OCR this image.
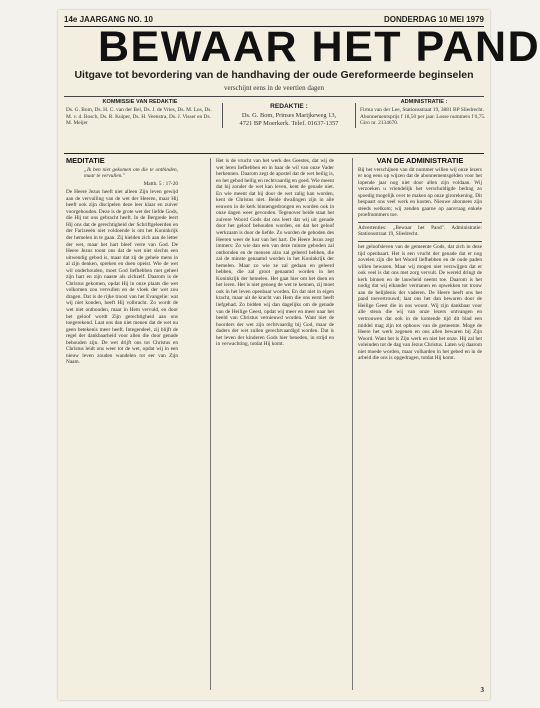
14e JAARGANG NO. 10	DONDERDAG 10 MEI 1979
BEWAAR HET PAND
Uitgave tot bevordering van de handhaving der oude Gereformeerde beginselen
verschijnt eens in de veertien dagen
KOMMISSIE VAN REDAKTIE
Ds. G. Bom, Ds. H. C. van der Bel, Ds. J. de Vries, Ds. M. Los, Ds. M. v. d. Bosch, Ds. R. Kuiper, Ds. H. Veenstra, Ds. J. Visser en Ds. M. Meijer
REDAKTIE :
Ds. G. Bom, Prinses Marijkeweg 13,
4721 BP Moerkerk. Telef. 01637-1357
ADMINISTRATIE :
Firma van der Lee, Stationsstraat 19, 3881 BP Sliedrecht. Abonnementsprijs f 18,50 per jaar. Losse nummers f 0,75. Giro nr. 2134670.
MEDITATIE
„Ik ben niet gekomen om die te ontbinden, maar te vervullen."
Matth. 5 : 17-20

De Heere Jezus heeft niet alleen Zijn leven gewijd aan de vervulling van de wet der Heeren, maar Hij heeft ook zijn discipelen deze leer klaar en zuiver voorgehouden. Deze is de grote wet der liefde Gods, die Hij tot ons gebracht heeft. In de Bergrede leert Hij ons dat de gerechtigheid der Schriftgeleerden en der Farizeeën niet voldoende is om het Koninkrijk der hemelen in te gaan. Zij hielden zich aan de letter der wet, maar het hart bleef verre van God. De Heere Jezus toont ons dat de wet niet slechts een uitwendig gebod is, maar dat zij de gehele mens in al zijn denken, spreken en doen opeist. Wie de wet wil onderhouden, moet God liefhebben met geheel zijn hart en zijn naaste als zichzelf. Daarom is de Christus gekomen, opdat Hij in onze plaats die wet volkomen zou vervullen en de vloek der wet zou dragen. Dat is de rijke troost van het Evangelie: wat wij niet konden, heeft Hij volbracht. Zo wordt de wet niet ontbonden, maar in Hem vervuld, en door het geloof wordt Zijn gerechtigheid aan ons toegerekend. Laat ons dan niet menen dat de wet nu geen betekenis meer heeft. Integendeel, zij blijft de regel der dankbaarheid voor allen die door genade behouden zijn. De wet drijft ons tot Christus en Christus leidt ons weer tot de wet, opdat wij in een nieuw leven zouden wandelen tot eer van Zijn Naam.

Het is de vrucht van het werk des Geestes, dat wij de wet leren liefhebben en in haar de wil van onze Vader herkennen. Daarom zegt de apostel dat de wet heilig is, en het gebod heilig en rechtvaardig en goed. Wie meent dat hij zonder de wet kan leven, kent de genade niet. En wie meent dat hij door de wet zalig kan worden, kent de Christus niet. Beide dwalingen zijn in alle eeuwen in de kerk binnengedrongen en worden ook in onze dagen weer gevonden. Tegenover beide staat het zuivere Woord Gods dat ons leert dat wij uit genade door het geloof behouden worden, en dat het geloof werkzaam is door de liefde. Zo worden de geboden des Heeren weer de lust van het hart. De Heere Jezus zegt immers: Zo wie dan een van deze minste geboden zal ontbonden en de mensen alzo zal geleerd hebben, die zal de minste genaamd worden in het Koninkrijk der hemelen. Maar zo wie ze zal gedaan en geleerd hebben, die zal groot genaamd worden in het Koninkrijk der hemelen. Het gaat hier om het doen en het leren. Het is niet genoeg de wet te kennen, zij moet ook in het leven openbaar worden. En dat niet in eigen kracht, maar uit de kracht van Hem die ons eerst heeft liefgehad. Zo bidden wij dan dagelijks om de genade van de Heilige Geest, opdat wij meer en meer naar het beeld van Christus vernieuwd worden. Want niet de hoorders der wet zijn rechtvaardig bij God, maar de daders der wet zullen gerechtvaardigd worden. Dat is het leven der kinderen Gods hier beneden, in strijd en in verwachting, totdat Hij komt.

VAN DE ADMINISTRATIE

Bij het verschijnen van dit nummer willen wij onze lezers er nog eens op wijzen dat de abonnementsgelden voor het lopende jaar nog niet door allen zijn voldaan. Wij verzoeken u vriendelijk het verschuldigde bedrag zo spoedig mogelijk over te maken op onze girorekening. Dit bespaart ons veel werk en kosten. Nieuwe abonnees zijn steeds welkom; wij zenden gaarne op aanvraag enkele proefnummers toe.

Advertenties: „Bewaar het Pand". Administratie: Stationsstraat 19, Sliedrecht.

het geloofsleven van de gemeente Gods, dat zich in deze tijd openbaart. Het is een vrucht der genade dat er nog zovelen zijn die het Woord liefhebben en de oude paden willen bewaren. Maar wij mogen niet verzwijgen dat er ook veel is dat ons met zorg vervult. De wereld dringt de kerk binnen en de lauwheid neemt toe. Daarom is het nodig dat wij elkander vermanen en opwekken tot trouw aan de belijdenis der vaderen. De Heere heeft ons het pand toevertrouwd; laat ons het dan bewaren door de Heilige Geest die in ons woont. Wij zijn dankbaar voor alle steun die wij van onze lezers ontvangen en vertrouwen dat ook in de komende tijd dit blad een middel mag zijn tot opbouw van de gemeente. Moge de Heere het werk zegenen en ons allen bewaren bij Zijn Woord. Want het is Zijn werk en niet het onze. Hij zal het voleinden tot de dag van Jezus Christus. Laten wij daarom niet moede worden, maar volharden in het gebed en in de arbeid die ons is opgedragen, totdat Hij komt.

3
